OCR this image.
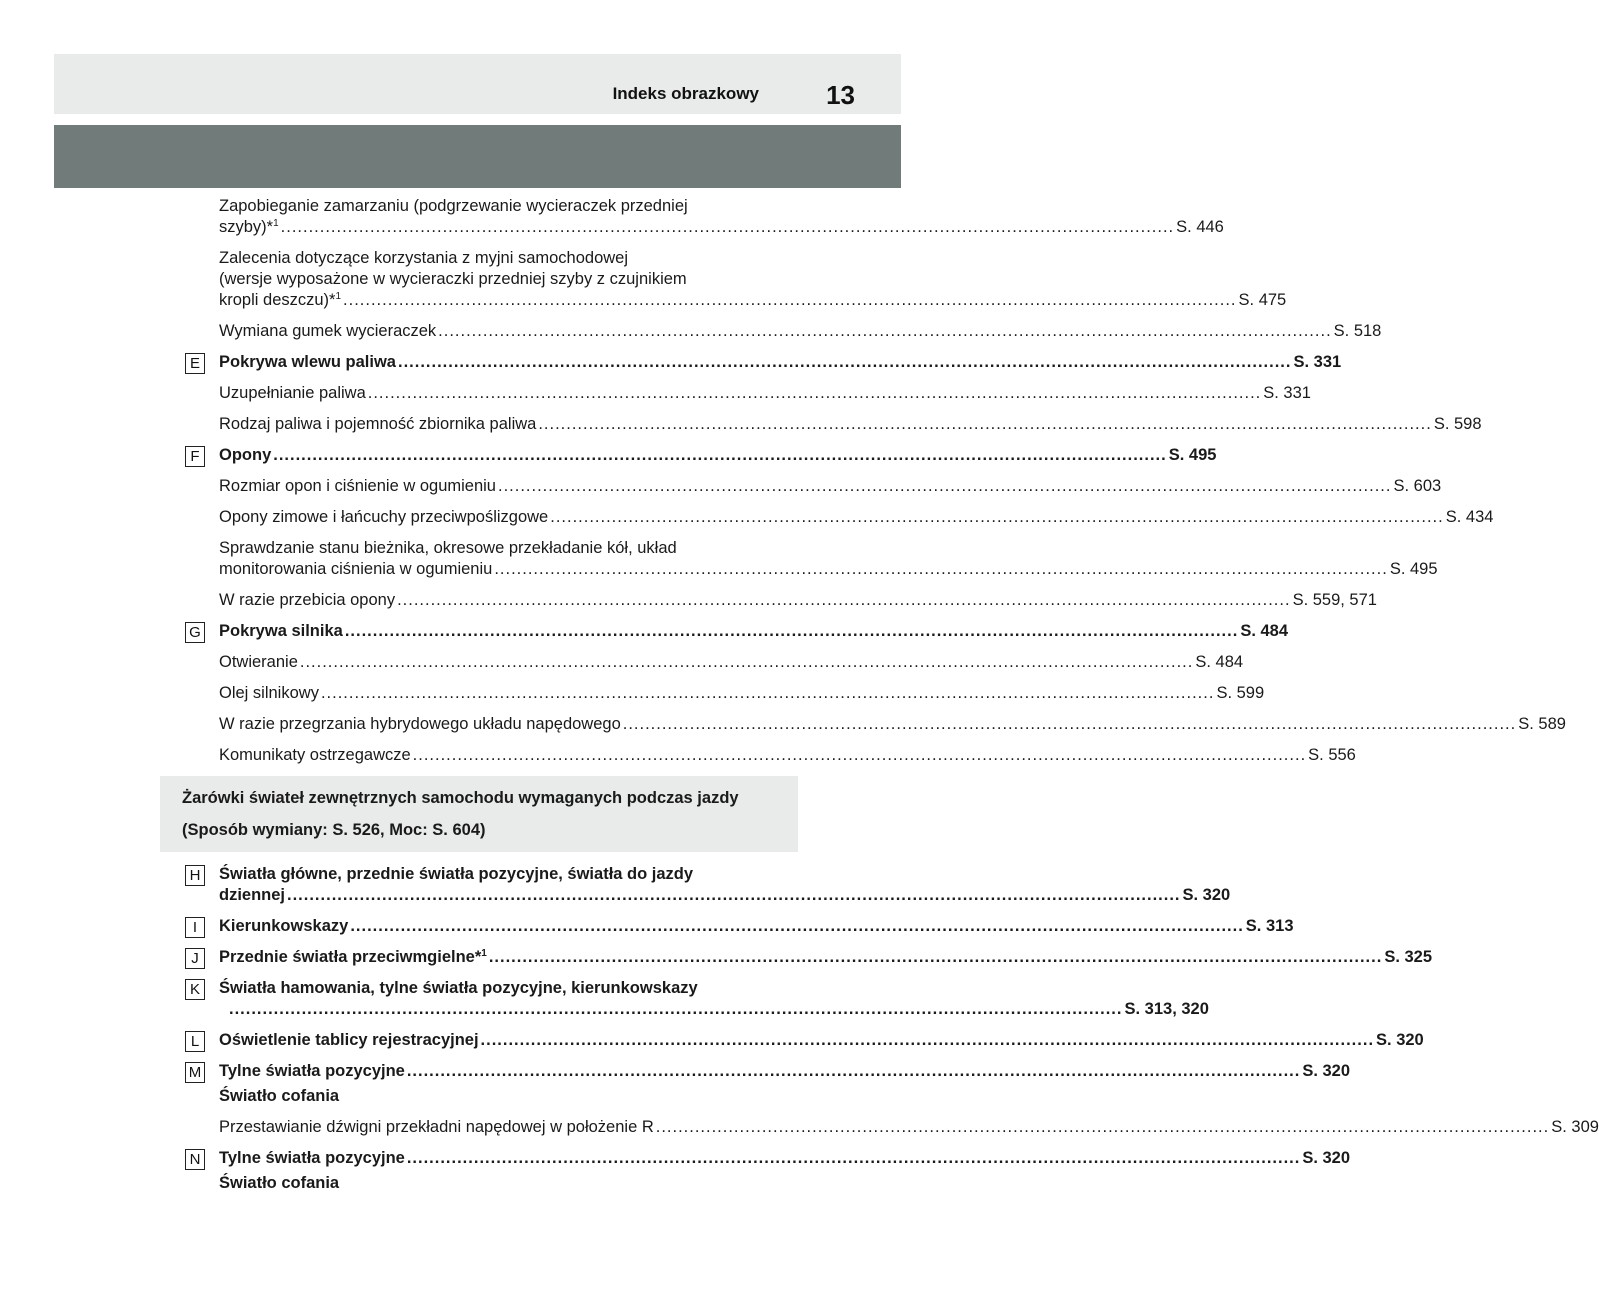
Indeks obrazkowy	13
Zapobieganie zamarzaniu (podgrzewanie wycieraczek przedniej
szyby)*$^1$ ................................................................................................................................................................ S. 446
Zalecenia dotyczące korzystania z myjni samochodowej
(wersje wyposażone w wycieraczki przedniej szyby z czujnikiem
kropli deszczu)*$^1$ ................................................................................................................................................................ S. 475
Wymiana gumek wycieraczek ................................................................................................................................................................ S. 518
E	Pokrywa wlewu paliwa ................................................................................................................................................................ S. 331
Uzupełnianie paliwa ................................................................................................................................................................ S. 331
Rodzaj paliwa i pojemność zbiornika paliwa ................................................................................................................................................................ S. 598
F	Opony ................................................................................................................................................................ S. 495
Rozmiar opon i ciśnienie w ogumieniu ................................................................................................................................................................ S. 603
Opony zimowe i łańcuchy przeciwpoślizgowe ................................................................................................................................................................ S. 434
Sprawdzanie stanu bieżnika, okresowe przekładanie kół, układ
monitorowania ciśnienia w ogumieniu ................................................................................................................................................................ S. 495
W razie przebicia opony ................................................................................................................................................................ S. 559, 571
G Pokrywa silnika ................................................................................................................................................................ S. 484
Otwieranie ................................................................................................................................................................ S. 484
Olej silnikowy ................................................................................................................................................................ S. 599
W razie przegrzania hybrydowego układu napędowego ................................................................................................................................................................ S. 589
Komunikaty ostrzegawcze ................................................................................................................................................................ S. 556
Żarówki świateł zewnętrznych samochodu wymaganych podczas jazdy
(Sposób wymiany: S. 526, Moc: S. 604)
H Światła główne, przednie światła pozycyjne, światła do jazdy
dziennej ................................................................................................................................................................ S. 320
I	Kierunkowskazy ................................................................................................................................................................ S. 313
J	Przednie światła przeciwmgielne*$^1$ ................................................................................................................................................................ S. 325
K	Światła hamowania, tylne światła pozycyjne, kierunkowskazy
................................................................................................................................................................ S. 313, 320
L	Oświetlenie tablicy rejestracyjnej ................................................................................................................................................................ S. 320
M Tylne światła pozycyjne ................................................................................................................................................................ S. 320
Światło cofania
Przestawianie dźwigni przekładni napędowej w położenie R ................................................................................................................................................................ S. 309
N Tylne światła pozycyjne ................................................................................................................................................................ S. 320
Światło cofania
